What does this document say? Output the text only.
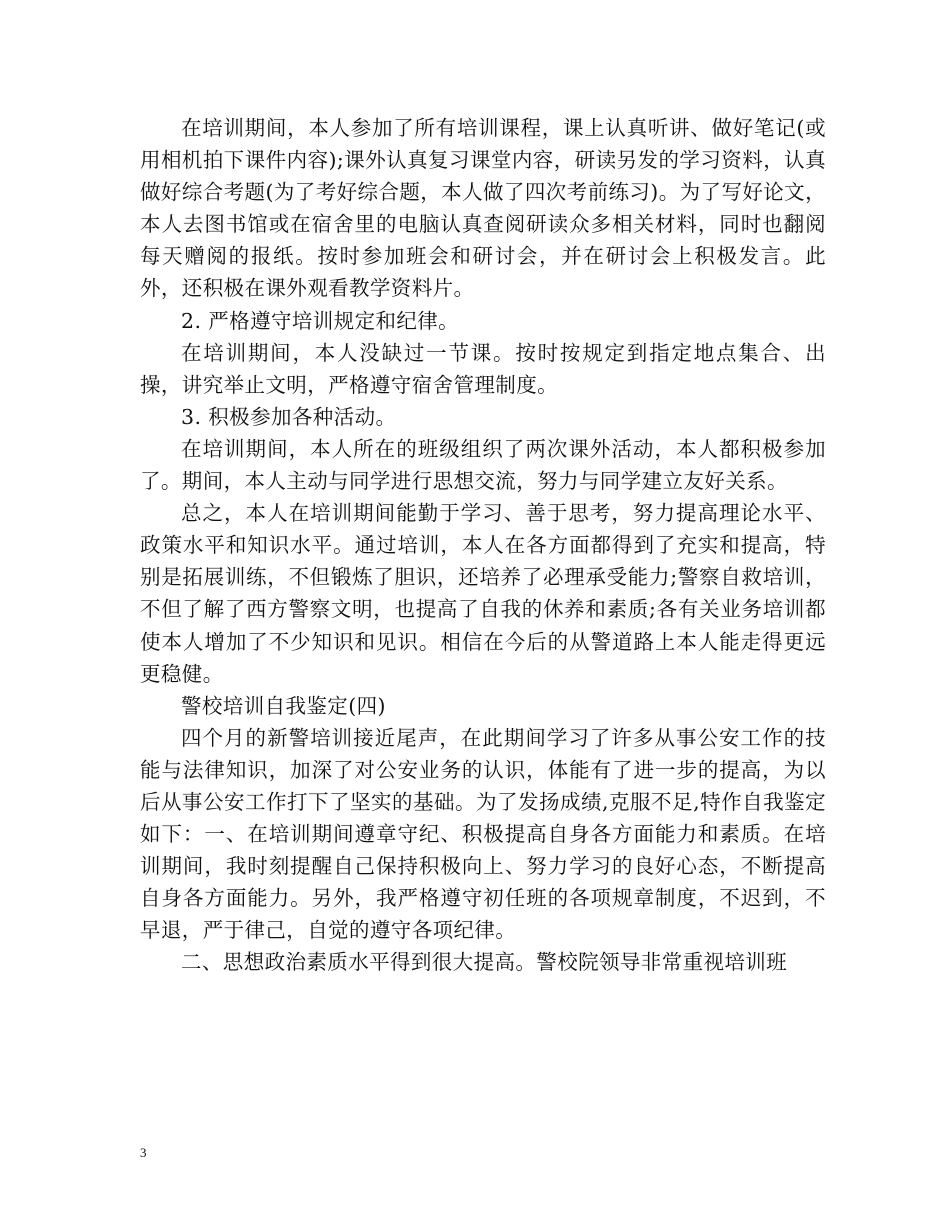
在培训期间，本人参加了所有培训课程，课上认真听讲、做好笔记(或用相机拍下课件内容);课外认真复习课堂内容，研读另发的学习资料，认真做好综合考题(为了考好综合题，本人做了四次考前练习)。为了写好论文，本人去图书馆或在宿舍里的电脑认真查阅研读众多相关材料，同时也翻阅每天赠阅的报纸。按时参加班会和研讨会，并在研讨会上积极发言。此外，还积极在课外观看教学资料片。

2. 严格遵守培训规定和纪律。

在培训期间，本人没缺过一节课。按时按规定到指定地点集合、出操，讲究举止文明，严格遵守宿舍管理制度。

3. 积极参加各种活动。

在培训期间，本人所在的班级组织了两次课外活动，本人都积极参加了。期间，本人主动与同学进行思想交流，努力与同学建立友好关系。

总之，本人在培训期间能勤于学习、善于思考，努力提高理论水平、政策水平和知识水平。通过培训，本人在各方面都得到了充实和提高，特别是拓展训练，不但锻炼了胆识，还培养了必理承受能力;警察自救培训，不但了解了西方警察文明，也提高了自我的休养和素质;各有关业务培训都使本人增加了不少知识和见识。相信在今后的从警道路上本人能走得更远更稳健。

警校培训自我鉴定(四)

四个月的新警培训接近尾声，在此期间学习了许多从事公安工作的技能与法律知识，加深了对公安业务的认识，体能有了进一步的提高，为以后从事公安工作打下了坚实的基础。为了发扬成绩,克服不足,特作自我鉴定如下：一、在培训期间遵章守纪、积极提高自身各方面能力和素质。在培训期间，我时刻提醒自己保持积极向上、努力学习的良好心态，不断提高自身各方面能力。另外，我严格遵守初任班的各项规章制度，不迟到，不早退，严于律己，自觉的遵守各项纪律。

二、思想政治素质水平得到很大提高。警校院领导非常重视培训班

3
